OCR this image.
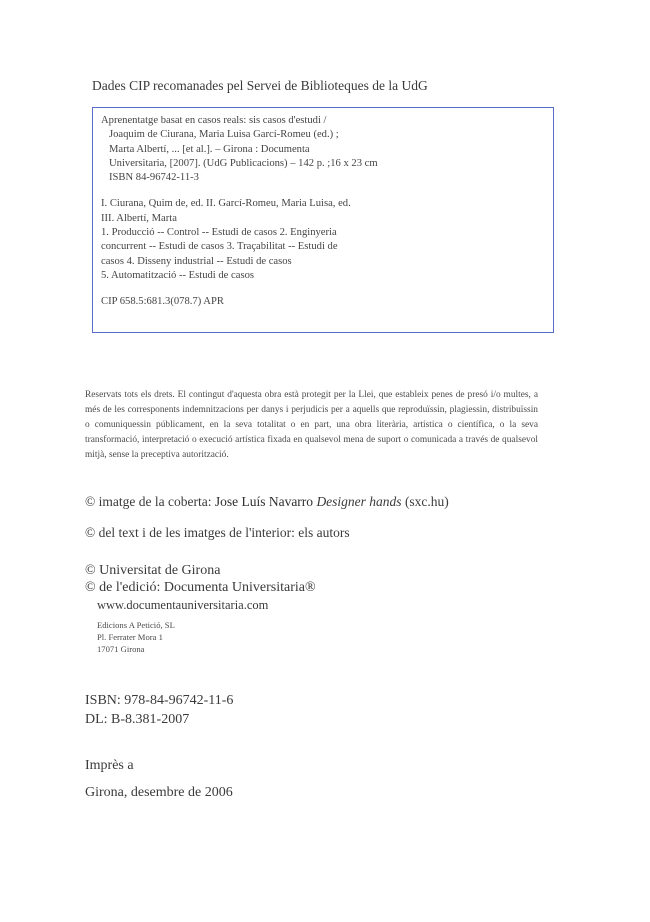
Dades CIP recomanades pel Servei de Biblioteques de la UdG
Aprenentatge basat en casos reals: sis casos d'estudi /
Joaquim de Ciurana, Maria Luisa Garcí-Romeu (ed.) ;
Marta Albertí, ... [et al.]. – Girona : Documenta
Universitaria, [2007]. (UdG Publicacions) – 142 p. ;16 x 23 cm
ISBN 84-96742-11-3
I. Ciurana, Quim de, ed. II. Garcí-Romeu, Maria Luisa, ed.
III. Albertí, Marta
1. Producció -- Control -- Estudi de casos 2. Enginyeria
concurrent -- Estudi de casos 3. Traçabilitat -- Estudi de
casos 4. Disseny industrial -- Estudi de casos
5. Automatització -- Estudi de casos
CIP 658.5:681.3(078.7) APR
Reservats tots els drets. El contingut d'aquesta obra està protegit per la Llei, que estableix penes de presó i/o multes, a més de les corresponents indemnitzacions per danys i perjudicis per a aquells que reproduïssin, plagiessin, distribuïssin o comuniquessin públicament, en la seva totalitat o en part, una obra literària, artística o científica, o la seva transformació, interpretació o execució artística fixada en qualsevol mena de suport o comunicada a través de qualsevol mitjà, sense la preceptiva autorització.
© imatge de la coberta: Jose Luís Navarro Designer hands (sxc.hu)
© del text i de les imatges de l'interior: els autors
© Universitat de Girona
© de l'edició: Documenta Universitaria®
www.documentauniversitaria.com
Edicions A Petició, SL
Pl. Ferrater Mora 1
17071 Girona
ISBN: 978-84-96742-11-6
DL: B-8.381-2007
Imprès a
Girona, desembre de 2006
